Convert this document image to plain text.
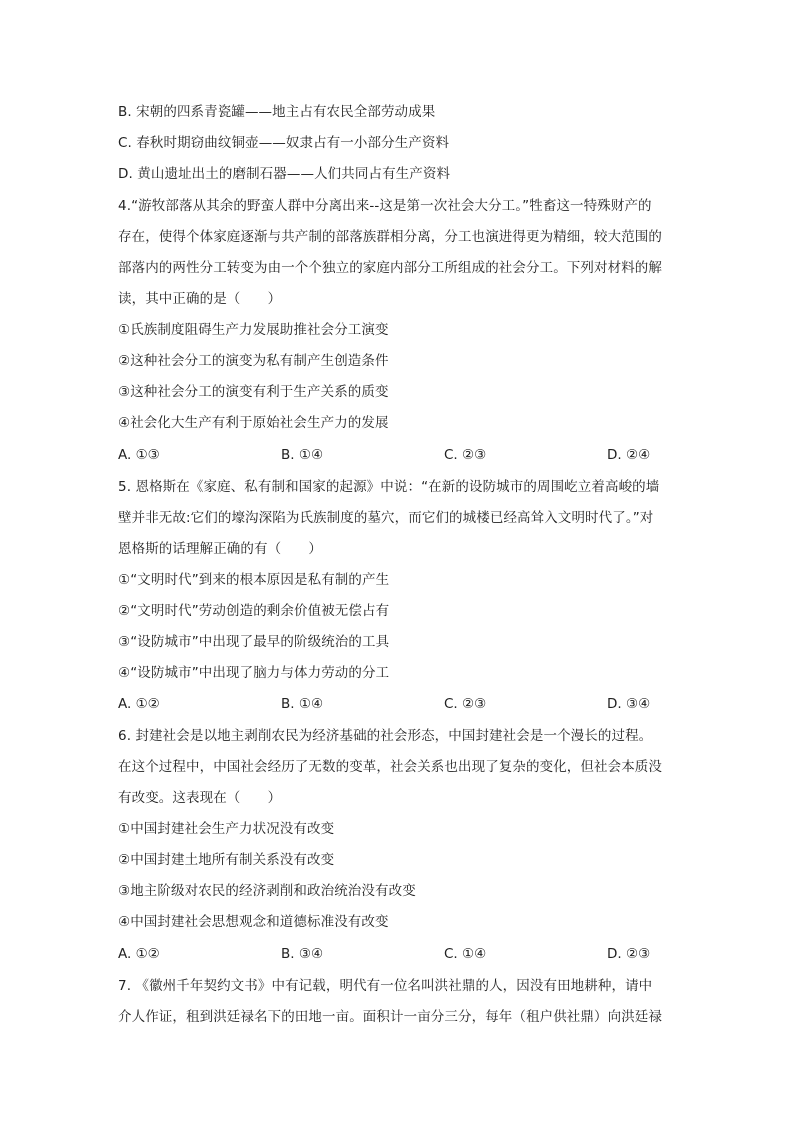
B. 宋朝的四系青瓷罐——地主占有农民全部劳动成果
C. 春秋时期窃曲纹铜壶——奴隶占有一小部分生产资料
D. 黄山遗址出土的磨制石器——人们共同占有生产资料
4.“游牧部落从其余的野蛮人群中分离出来--这是第一次社会大分工。”牲畜这一特殊财产的
存在，使得个体家庭逐渐与共产制的部落族群相分离，分工也演进得更为精细，较大范围的
部落内的两性分工转变为由一个个独立的家庭内部分工所组成的社会分工。下列对材料的解
读，其中正确的是（　　）
①氏族制度阻碍生产力发展助推社会分工演变
②这种社会分工的演变为私有制产生创造条件
③这种社会分工的演变有利于生产关系的质变
④社会化大生产有利于原始社会生产力的发展
A. ①③	B. ①④	C. ②③	D. ②④
5. 恩格斯在《家庭、私有制和国家的起源》中说：“在新的设防城市的周围屹立着高峻的墙
壁并非无故:它们的壕沟深陷为氏族制度的墓穴，而它们的城楼已经高耸入文明时代了。”对
恩格斯的话理解正确的有（　　）
①“文明时代”到来的根本原因是私有制的产生
②“文明时代”劳动创造的剩余价值被无偿占有
③“设防城市”中出现了最早的阶级统治的工具
④“设防城市”中出现了脑力与体力劳动的分工
A. ①②	B. ①④	C. ②③	D. ③④
6. 封建社会是以地主剥削农民为经济基础的社会形态，中国封建社会是一个漫长的过程。
在这个过程中，中国社会经历了无数的变革，社会关系也出现了复杂的变化，但社会本质没
有改变。这表现在（　　）
①中国封建社会生产力状况没有改变
②中国封建土地所有制关系没有改变
③地主阶级对农民的经济剥削和政治统治没有改变
④中国封建社会思想观念和道德标准没有改变
A. ①②	B. ③④	C. ①④	D. ②③
7. 《徽州千年契约文书》中有记载，明代有一位名叫洪社鼎的人，因没有田地耕种，请中
介人作证，租到洪廷禄名下的田地一亩。面积计一亩分三分，每年（租户供社鼎）向洪廷禄
